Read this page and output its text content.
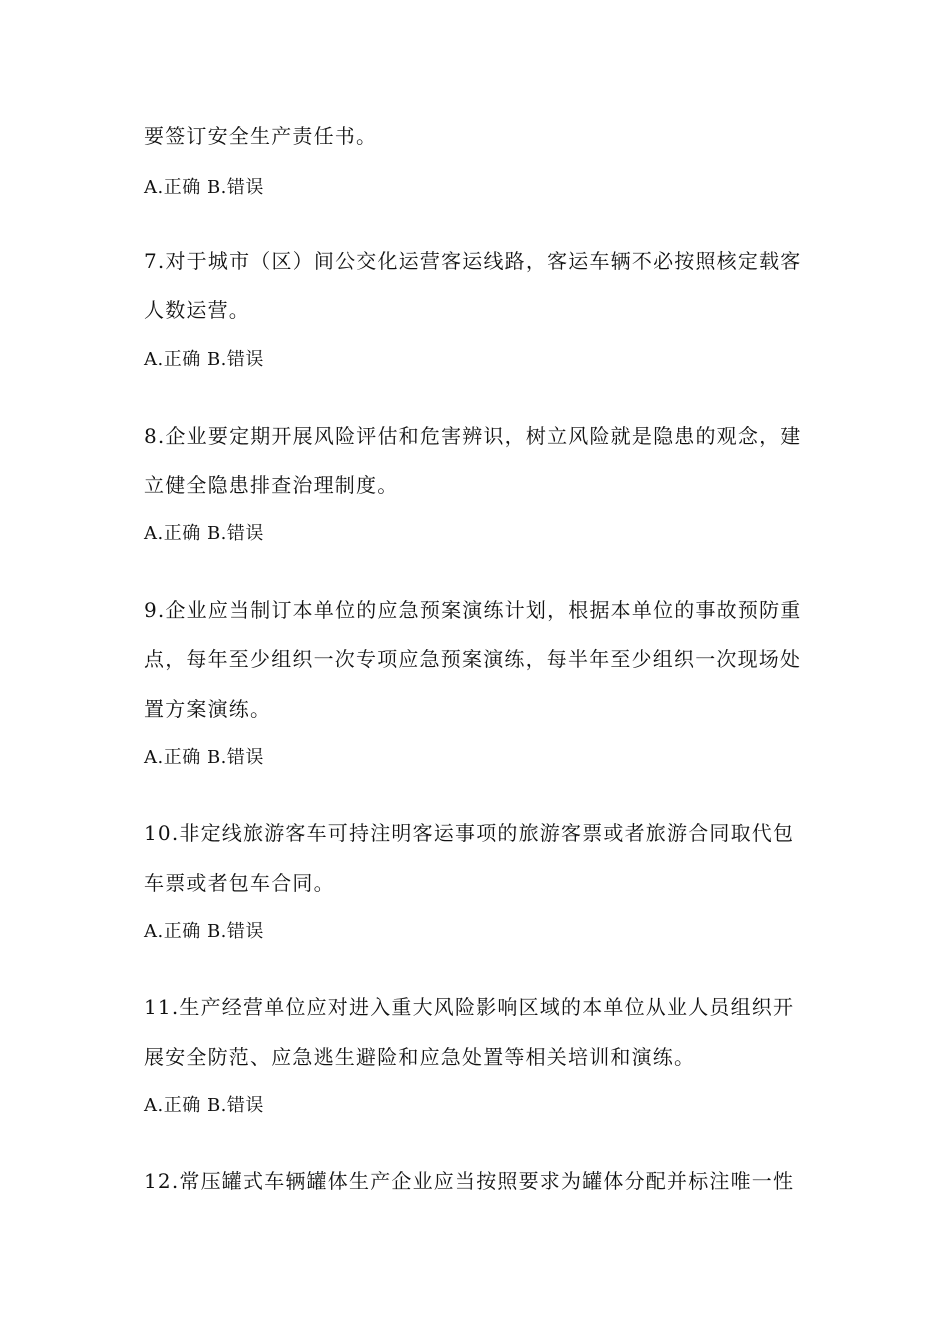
要签订安全生产责任书。
A.正确 B.错误
7.对于城市（区）间公交化运营客运线路，客运车辆不必按照核定载客
人数运营。
A.正确 B.错误
8.企业要定期开展风险评估和危害辨识，树立风险就是隐患的观念，建
立健全隐患排查治理制度。
A.正确 B.错误
9.企业应当制订本单位的应急预案演练计划，根据本单位的事故预防重
点，每年至少组织一次专项应急预案演练，每半年至少组织一次现场处
置方案演练。
A.正确 B.错误
10.非定线旅游客车可持注明客运事项的旅游客票或者旅游合同取代包
车票或者包车合同。
A.正确 B.错误
11.生产经营单位应对进入重大风险影响区域的本单位从业人员组织开
展安全防范、应急逃生避险和应急处置等相关培训和演练。
A.正确 B.错误
12.常压罐式车辆罐体生产企业应当按照要求为罐体分配并标注唯一性
